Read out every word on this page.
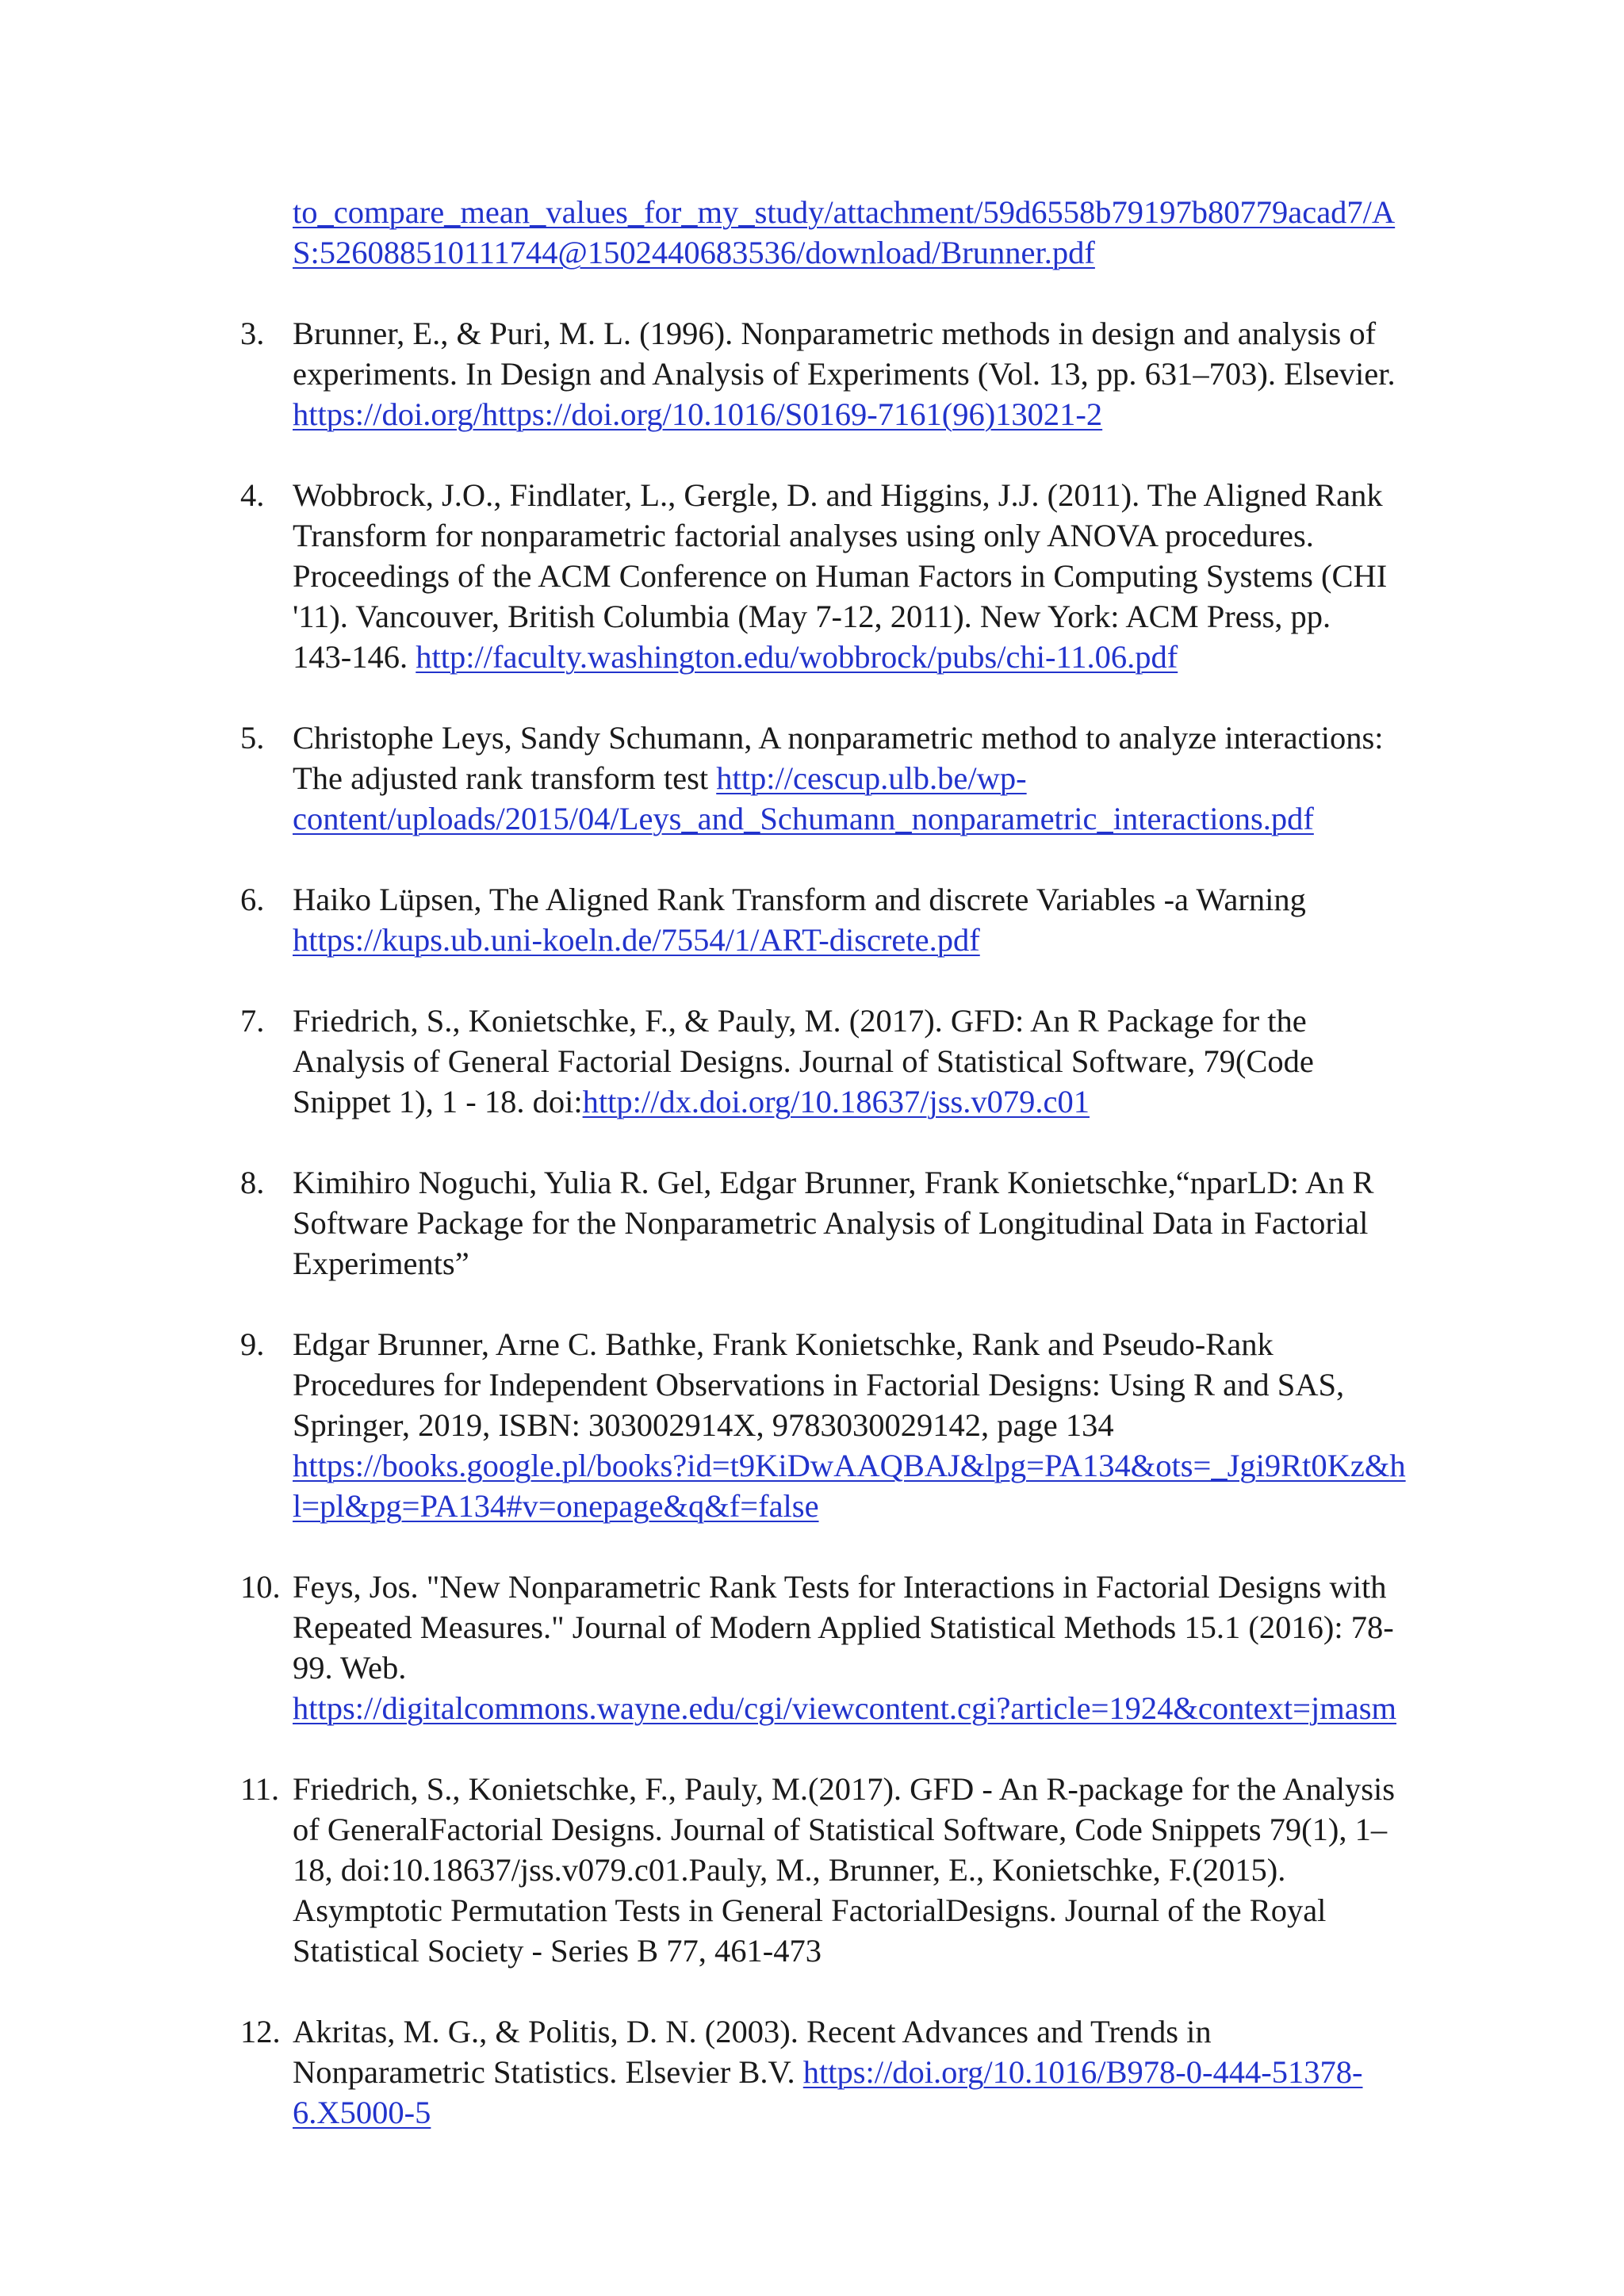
to_compare_mean_values_for_my_study/attachment/59d6558b79197b80779acad7/A
S:526088510111744@1502440683536/download/Brunner.pdf
3. Brunner, E., & Puri, M. L. (1996). Nonparametric methods in design and analysis of
experiments. In Design and Analysis of Experiments (Vol. 13, pp. 631–703). Elsevier.
https://doi.org/https://doi.org/10.1016/S0169-7161(96)13021-2
4. Wobbrock, J.O., Findlater, L., Gergle, D. and Higgins, J.J. (2011). The Aligned Rank
Transform for nonparametric factorial analyses using only ANOVA procedures.
Proceedings of the ACM Conference on Human Factors in Computing Systems (CHI
'11). Vancouver, British Columbia (May 7-12, 2011). New York: ACM Press, pp.
143-146. http://faculty.washington.edu/wobbrock/pubs/chi-11.06.pdf
5. Christophe Leys, Sandy Schumann, A nonparametric method to analyze interactions:
The adjusted rank transform test http://cescup.ulb.be/wp-
content/uploads/2015/04/Leys_and_Schumann_nonparametric_interactions.pdf
6. Haiko Lüpsen, The Aligned Rank Transform and discrete Variables -a Warning
https://kups.ub.uni-koeln.de/7554/1/ART-discrete.pdf
7. Friedrich, S., Konietschke, F., & Pauly, M. (2017). GFD: An R Package for the
Analysis of General Factorial Designs. Journal of Statistical Software, 79(Code
Snippet 1), 1 - 18. doi:http://dx.doi.org/10.18637/jss.v079.c01
8. Kimihiro Noguchi, Yulia R. Gel, Edgar Brunner, Frank Konietschke,“nparLD: An R
Software Package for the Nonparametric Analysis of Longitudinal Data in Factorial
Experiments”
9. Edgar Brunner, Arne C. Bathke, Frank Konietschke, Rank and Pseudo-Rank
Procedures for Independent Observations in Factorial Designs: Using R and SAS,
Springer, 2019, ISBN: 303002914X, 9783030029142, page 134
https://books.google.pl/books?id=t9KiDwAAQBAJ&lpg=PA134&ots=_Jgi9Rt0Kz&h
l=pl&pg=PA134#v=onepage&q&f=false
10. Feys, Jos. "New Nonparametric Rank Tests for Interactions in Factorial Designs with
Repeated Measures." Journal of Modern Applied Statistical Methods 15.1 (2016): 78-
99. Web.
https://digitalcommons.wayne.edu/cgi/viewcontent.cgi?article=1924&context=jmasm
11. Friedrich, S., Konietschke, F., Pauly, M.(2017). GFD - An R-package for the Analysis
of GeneralFactorial Designs. Journal of Statistical Software, Code Snippets 79(1), 1–
18, doi:10.18637/jss.v079.c01.Pauly, M., Brunner, E., Konietschke, F.(2015).
Asymptotic Permutation Tests in General FactorialDesigns. Journal of the Royal
Statistical Society - Series B 77, 461-473
12. Akritas, M. G., & Politis, D. N. (2003). Recent Advances and Trends in
Nonparametric Statistics. Elsevier B.V. https://doi.org/10.1016/B978-0-444-51378-
6.X5000-5
